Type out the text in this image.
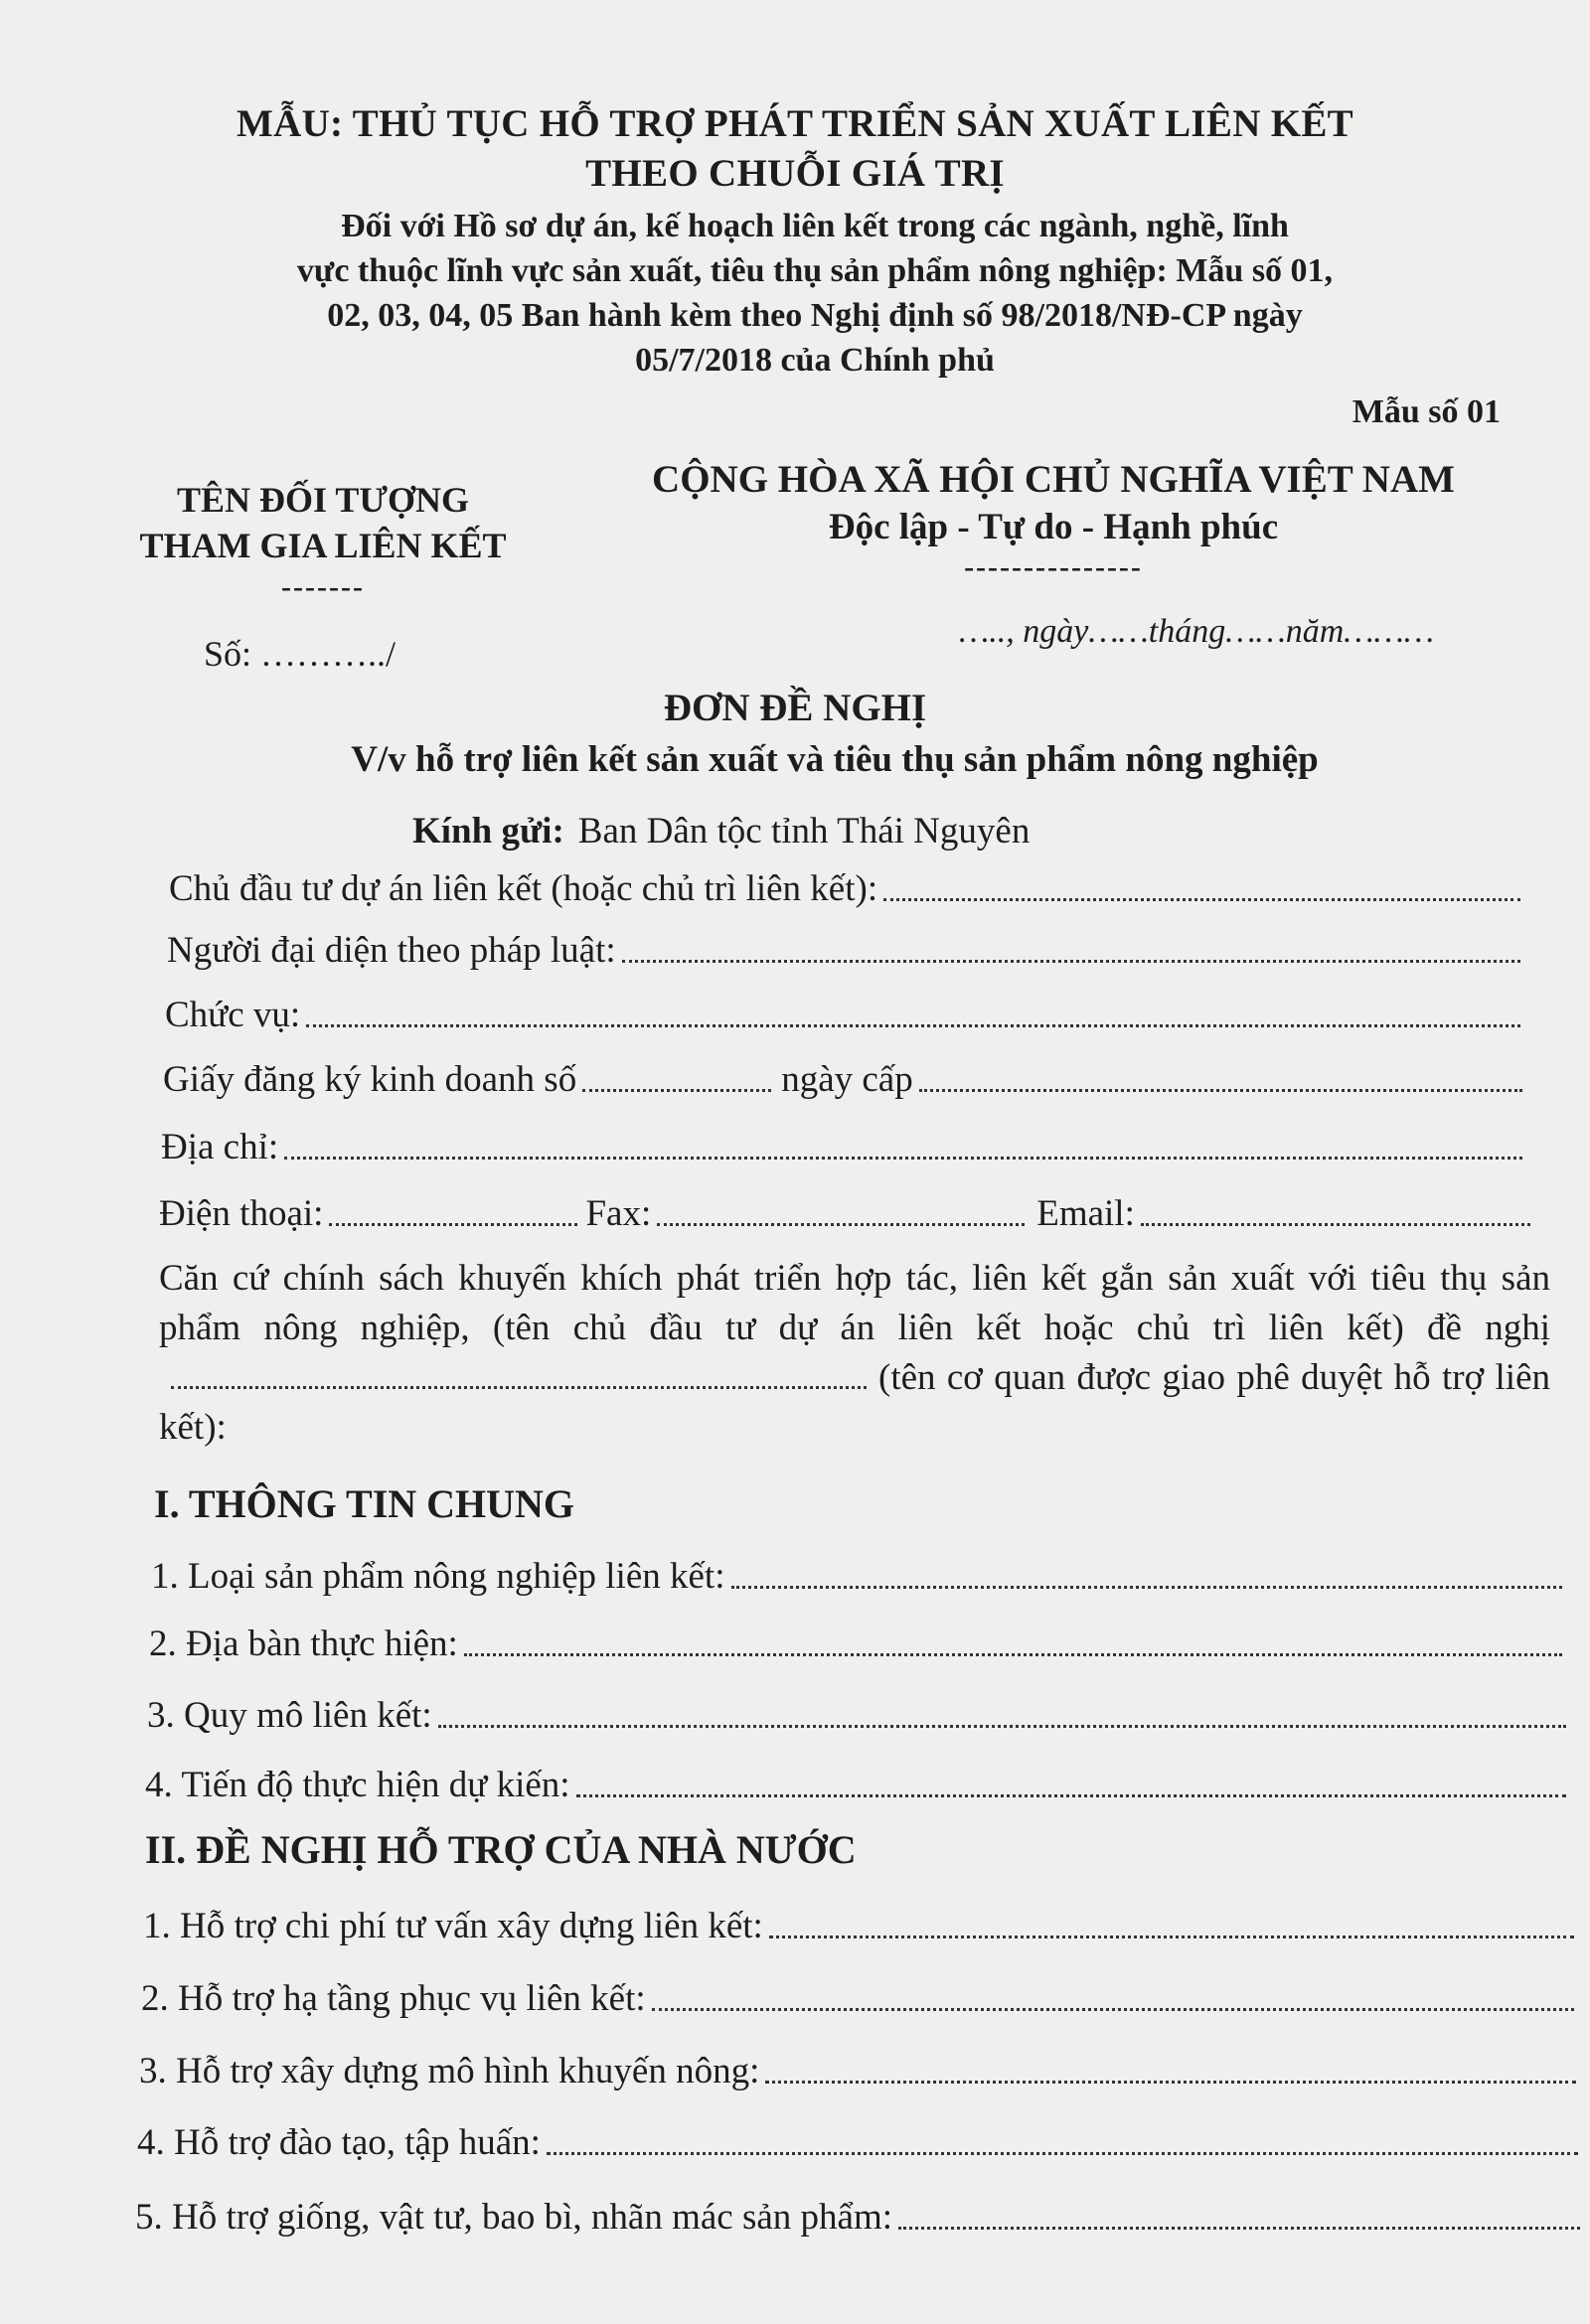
MẪU: THỦ TỤC HỖ TRỢ PHÁT TRIỂN SẢN XUẤT LIÊN KẾT
THEO CHUỖI GIÁ TRỊ
Đối với Hồ sơ dự án, kế hoạch liên kết trong các ngành, nghề, lĩnh
vực thuộc lĩnh vực sản xuất, tiêu thụ sản phẩm nông nghiệp: Mẫu số 01,
02, 03, 04, 05 Ban hành kèm theo Nghị định số 98/2018/NĐ-CP ngày
05/7/2018 của Chính phủ
Mẫu số 01
TÊN ĐỐI TƯỢNG
THAM GIA LIÊN KẾT
-------
CỘNG HÒA XÃ HỘI CHỦ NGHĨA VIỆT NAM
Độc lập - Tự do - Hạnh phúc
---------------
Số: ………../
….., ngày……tháng……năm………
ĐƠN ĐỀ NGHỊ
V/v hỗ trợ liên kết sản xuất và tiêu thụ sản phẩm nông nghiệp
Kính gửi: Ban Dân tộc tỉnh Thái Nguyên
Chủ đầu tư dự án liên kết (hoặc chủ trì liên kết):
Người đại diện theo pháp luật:
Chức vụ:
Giấy đăng ký kinh doanh số	ngày cấp
Địa chỉ:
Điện thoại:	Fax:	Email:
Căn cứ chính sách khuyến khích phát triển hợp tác, liên kết gắn sản xuất với tiêu thụ sản phẩm nông nghiệp, (tên chủ đầu tư dự án liên kết hoặc chủ trì liên kết) đề nghị(tên cơ quan được giao phê duyệt hỗ trợ liên kết):
I. THÔNG TIN CHUNG
1. Loại sản phẩm nông nghiệp liên kết:
2. Địa bàn thực hiện:
3. Quy mô liên kết:
4. Tiến độ thực hiện dự kiến:
II. ĐỀ NGHỊ HỖ TRỢ CỦA NHÀ NƯỚC
1. Hỗ trợ chi phí tư vấn xây dựng liên kết:
2. Hỗ trợ hạ tầng phục vụ liên kết:
3. Hỗ trợ xây dựng mô hình khuyến nông:
4. Hỗ trợ đào tạo, tập huấn:
5. Hỗ trợ giống, vật tư, bao bì, nhãn mác sản phẩm:
